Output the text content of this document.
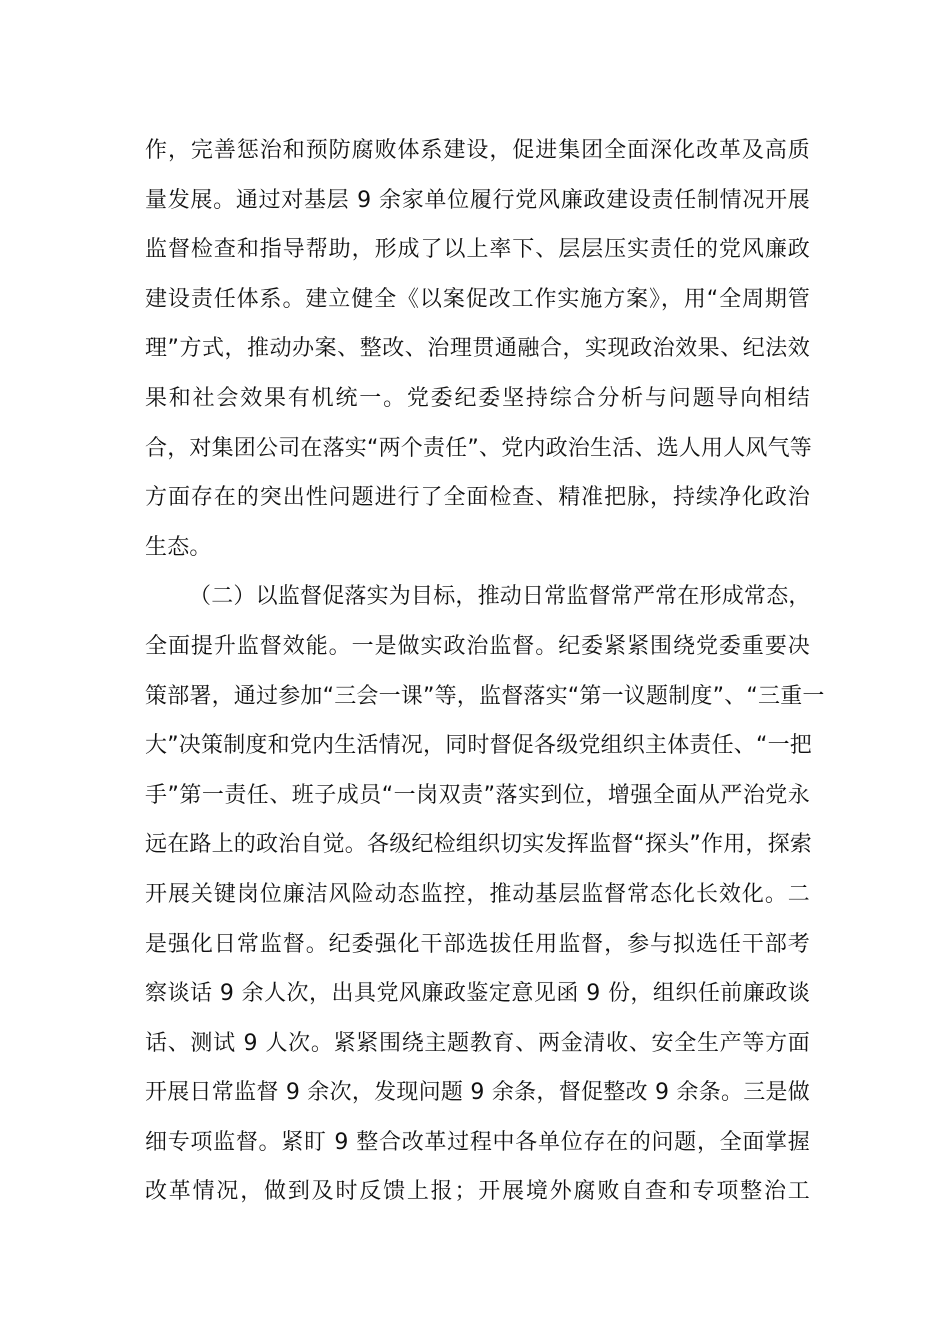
作，完善惩治和预防腐败体系建设，促进集团全面深化改革及高质
量发展。通过对基层 9 余家单位履行党风廉政建设责任制情况开展
监督检查和指导帮助，形成了以上率下、层层压实责任的党风廉政
建设责任体系。建立健全《以案促改工作实施方案》，用“全周期管
理”方式，推动办案、整改、治理贯通融合，实现政治效果、纪法效
果和社会效果有机统一。党委纪委坚持综合分析与问题导向相结
合，对集团公司在落实“两个责任”、党内政治生活、选人用人风气等
方面存在的突出性问题进行了全面检查、精准把脉，持续净化政治
生态。
（二）以监督促落实为目标，推动日常监督常严常在形成常态，
全面提升监督效能。一是做实政治监督。纪委紧紧围绕党委重要决
策部署，通过参加“三会一课”等，监督落实“第一议题制度”、“三重一
大”决策制度和党内生活情况，同时督促各级党组织主体责任、“一把
手”第一责任、班子成员“一岗双责”落实到位，增强全面从严治党永
远在路上的政治自觉。各级纪检组织切实发挥监督“探头”作用，探索
开展关键岗位廉洁风险动态监控，推动基层监督常态化长效化。二
是强化日常监督。纪委强化干部选拔任用监督，参与拟选任干部考
察谈话 9 余人次，出具党风廉政鉴定意见函 9 份，组织任前廉政谈
话、测试 9 人次。紧紧围绕主题教育、两金清收、安全生产等方面
开展日常监督 9 余次，发现问题 9 余条，督促整改 9 余条。三是做
细专项监督。紧盯 9 整合改革过程中各单位存在的问题，全面掌握
改革情况，做到及时反馈上报；开展境外腐败自查和专项整治工
